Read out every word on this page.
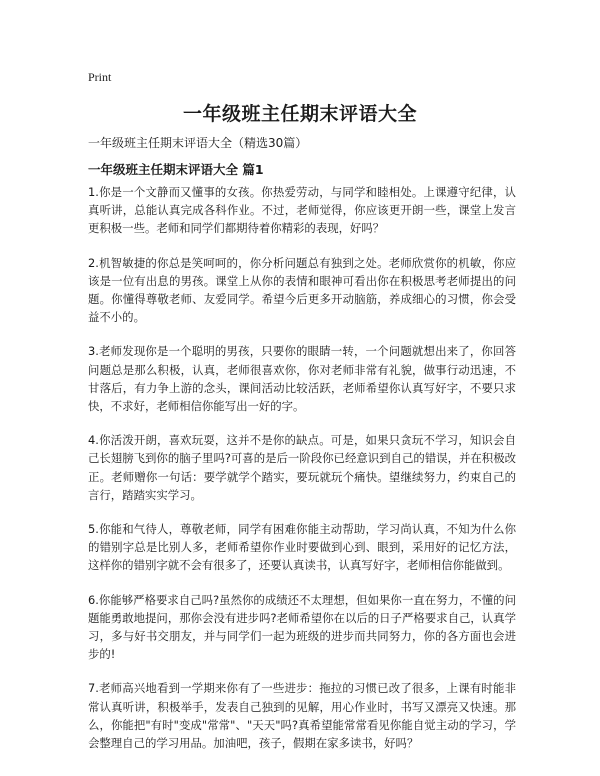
Print
一年级班主任期末评语大全

一年级班主任期末评语大全（精选30篇）

一年级班主任期末评语大全 篇1

1.你是一个文静而又懂事的女孩。你热爱劳动，与同学和睦相处。上课遵守纪律，认真听讲，总能认真完成各科作业。不过，老师觉得，你应该更开朗一些，课堂上发言更积极一些。老师和同学们都期待着你精彩的表现，好吗？

2.机智敏捷的你总是笑呵呵的，你分析问题总有独到之处。老师欣赏你的机敏，你应该是一位有出息的男孩。课堂上从你的表情和眼神可看出你在积极思考老师提出的问题。你懂得尊敬老师、友爱同学。希望今后更多开动脑筋，养成细心的习惯，你会受益不小的。

3.老师发现你是一个聪明的男孩，只要你的眼睛一转，一个问题就想出来了，你回答问题总是那么积极，认真，老师很喜欢你，你对老师非常有礼貌，做事行动迅速，不甘落后，有力争上游的念头，课间活动比较活跃，老师希望你认真写好字，不要只求快，不求好，老师相信你能写出一好的字。

4.你活泼开朗，喜欢玩耍，这并不是你的缺点。可是，如果只贪玩不学习，知识会自己长翅膀飞到你的脑子里吗?可喜的是后一阶段你已经意识到自己的错误，并在积极改正。老师赠你一句话：要学就学个踏实，要玩就玩个痛快。望继续努力，约束自己的言行，踏踏实实学习。

5.你能和气待人，尊敬老师，同学有困难你能主动帮助，学习尚认真，不知为什么你的错别字总是比别人多，老师希望你作业时要做到心到、眼到，采用好的记忆方法，这样你的错别字就不会有很多了，还要认真读书，认真写好字，老师相信你能做到。

6.你能够严格要求自己吗?虽然你的成绩还不太理想，但如果你一直在努力，不懂的问题能勇敢地提问，那你会没有进步吗?老师希望你在以后的日子严格要求自己，认真学习，多与好书交朋友，并与同学们一起为班级的进步而共同努力，你的各方面也会进步的!

7.老师高兴地看到一学期来你有了一些进步：拖拉的习惯已改了很多，上课有时能非常认真听讲，积极举手，发表自己独到的见解，用心作业时，书写又漂亮又快速。那么，你能把"有时"变成"常常"、"天天"吗?真希望能常常看见你能自觉主动的学习，学会整理自己的学习用品。加油吧，孩子，假期在家多读书，好吗？
